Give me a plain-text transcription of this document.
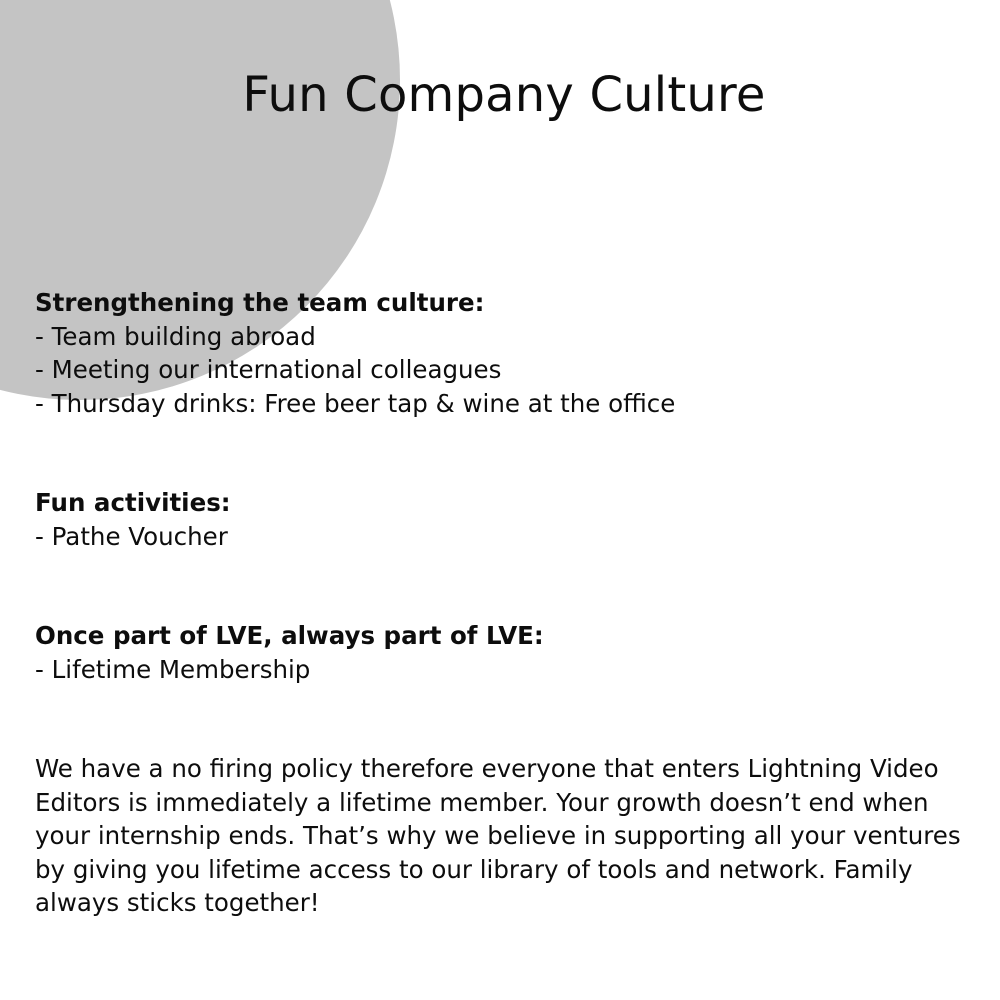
Fun Company Culture
Strengthening the team culture:
- Team building abroad
- Meeting our international colleagues
- Thursday drinks: Free beer tap & wine at the office
Fun activities:
- Pathe Voucher
Once part of LVE, always part of LVE:
- Lifetime Membership

We have a no firing policy therefore everyone that enters Lightning Video Editors is immediately a lifetime member. Your growth doesn’t end when your internship ends. That’s why we believe in supporting all your ventures by giving you lifetime access to our library of tools and network. Family always sticks together!
